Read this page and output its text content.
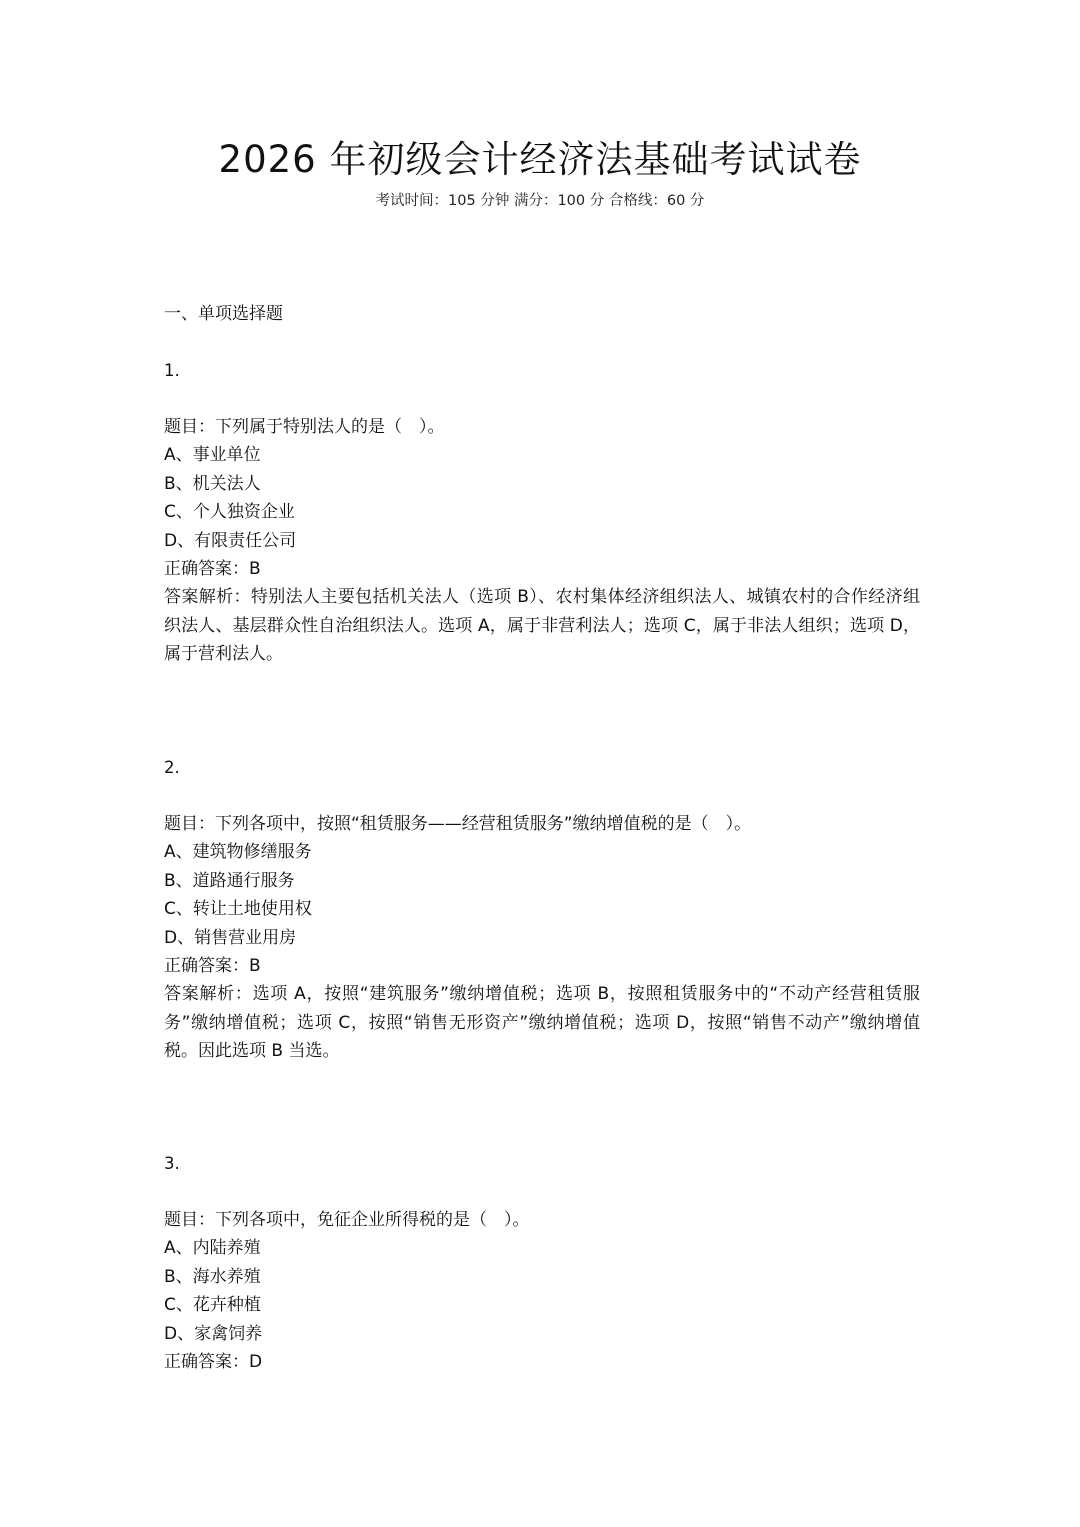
2026 年初级会计经济法基础考试试卷
考试时间：105 分钟 满分：100 分 合格线：60 分
一、单项选择题
1.
题目：下列属于特别法人的是（　）。
A、事业单位
B、机关法人
C、个人独资企业
D、有限责任公司
正确答案：B
答案解析：特别法人主要包括机关法人（选项 B）、农村集体经济组织法人、城镇农村的合作经济组织法人、基层群众性自治组织法人。选项 A，属于非营利法人；选项 C，属于非法人组织；选项 D，属于营利法人。
2.
题目：下列各项中，按照“租赁服务——经营租赁服务”缴纳增值税的是（　）。
A、建筑物修缮服务
B、道路通行服务
C、转让土地使用权
D、销售营业用房
正确答案：B
答案解析：选项 A，按照“建筑服务”缴纳增值税；选项 B，按照租赁服务中的“不动产经营租赁服务”缴纳增值税；选项 C，按照“销售无形资产”缴纳增值税；选项 D，按照“销售不动产”缴纳增值税。因此选项 B 当选。
3.
题目：下列各项中，免征企业所得税的是（　）。
A、内陆养殖
B、海水养殖
C、花卉种植
D、家禽饲养
正确答案：D
